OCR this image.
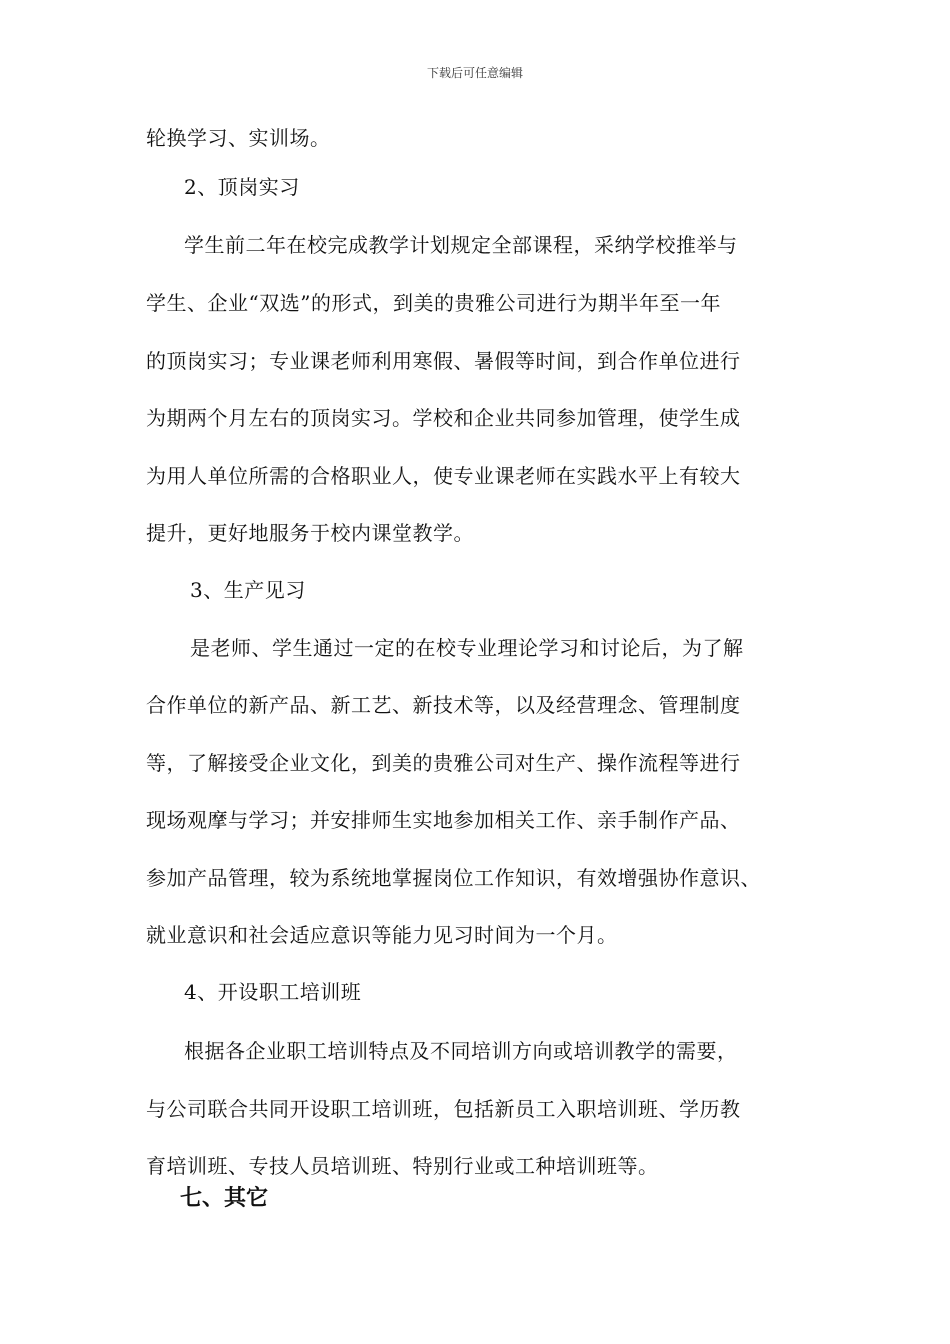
下载后可任意编辑
轮换学习、实训场。
2、顶岗实习
学生前二年在校完成教学计划规定全部课程，采纳学校推举与
学生、企业“双选”的形式，到美的贵雅公司进行为期半年至一年
的顶岗实习；专业课老师利用寒假、暑假等时间，到合作单位进行
为期两个月左右的顶岗实习。学校和企业共同参加管理，使学生成
为用人单位所需的合格职业人，使专业课老师在实践水平上有较大
提升，更好地服务于校内课堂教学。
3、生产见习
是老师、学生通过一定的在校专业理论学习和讨论后，为了解
合作单位的新产品、新工艺、新技术等，以及经营理念、管理制度
等，了解接受企业文化，到美的贵雅公司对生产、操作流程等进行
现场观摩与学习；并安排师生实地参加相关工作、亲手制作产品、
参加产品管理，较为系统地掌握岗位工作知识，有效增强协作意识、
就业意识和社会适应意识等能力见习时间为一个月。
4、开设职工培训班
根据各企业职工培训特点及不同培训方向或培训教学的需要，
与公司联合共同开设职工培训班，包括新员工入职培训班、学历教
育培训班、专技人员培训班、特别行业或工种培训班等。
七、其它
